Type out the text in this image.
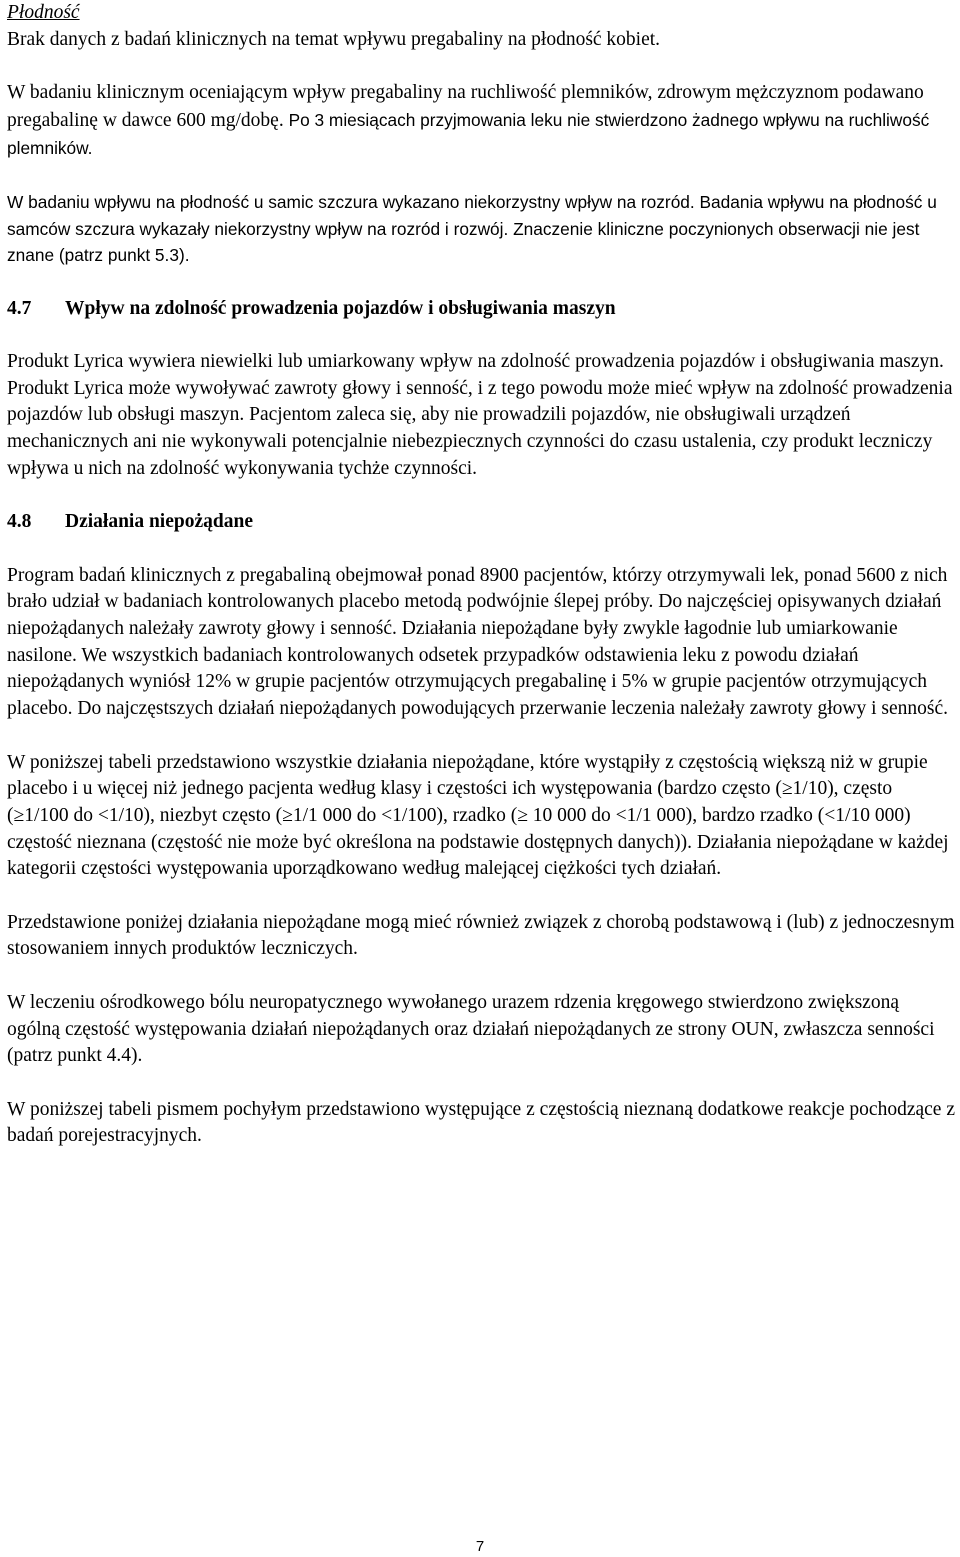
Płodność

Brak danych z badań klinicznych na temat wpływu pregabaliny na płodność kobiet.

W badaniu klinicznym oceniającym wpływ pregabaliny na ruchliwość plemników, zdrowym mężczyznom podawano pregabalinę w dawce 600 mg/dobę. Po 3 miesiącach przyjmowania leku nie stwierdzono żadnego wpływu na ruchliwość plemników.

W badaniu wpływu na płodność u samic szczura wykazano niekorzystny wpływ na rozród. Badania wpływu na płodność u samców szczura wykazały niekorzystny wpływ na rozród i rozwój. Znaczenie kliniczne poczynionych obserwacji nie jest znane (patrz punkt 5.3).

4.7	Wpływ na zdolność prowadzenia pojazdów i obsługiwania maszyn

Produkt Lyrica wywiera niewielki lub umiarkowany wpływ na zdolność prowadzenia pojazdów i obsługiwania maszyn. Produkt Lyrica może wywoływać zawroty głowy i senność, i z tego powodu może mieć wpływ na zdolność prowadzenia pojazdów lub obsługi maszyn. Pacjentom zaleca się, aby nie prowadzili pojazdów, nie obsługiwali urządzeń mechanicznych ani nie wykonywali potencjalnie niebezpiecznych czynności do czasu ustalenia, czy produkt leczniczy wpływa u nich na zdolność wykonywania tychże czynności.

4.8	Działania niepożądane

Program badań klinicznych z pregabaliną obejmował ponad 8900 pacjentów, którzy otrzymywali lek, ponad 5600 z nich brało udział w badaniach kontrolowanych placebo metodą podwójnie ślepej próby. Do najczęściej opisywanych działań niepożądanych należały zawroty głowy i senność. Działania niepożądane były zwykle łagodnie lub umiarkowanie nasilone. We wszystkich badaniach kontrolowanych odsetek przypadków odstawienia leku z powodu działań niepożądanych wyniósł 12% w grupie pacjentów otrzymujących pregabalinę i 5% w grupie pacjentów otrzymujących placebo. Do najczęstszych działań niepożądanych powodujących przerwanie leczenia należały zawroty głowy i senność.

W poniższej tabeli przedstawiono wszystkie działania niepożądane, które wystąpiły z częstością większą niż w grupie placebo i u więcej niż jednego pacjenta według klasy i częstości ich występowania (bardzo często (≥1/10), często (≥1/100 do <1/10), niezbyt często (≥1/1 000 do <1/100), rzadko (≥ 10 000 do <1/1 000), bardzo rzadko (<1/10 000) częstość nieznana (częstość nie może być określona na podstawie dostępnych danych)). Działania niepożądane w każdej kategorii częstości występowania uporządkowano według malejącej ciężkości tych działań.

Przedstawione poniżej działania niepożądane mogą mieć również związek z chorobą podstawową i (lub) z jednoczesnym stosowaniem innych produktów leczniczych.

W leczeniu ośrodkowego bólu neuropatycznego wywołanego urazem rdzenia kręgowego stwierdzono zwiększoną ogólną częstość występowania działań niepożądanych oraz działań niepożądanych ze strony OUN, zwłaszcza senności (patrz punkt 4.4).

W poniższej tabeli pismem pochyłym przedstawiono występujące z częstością nieznaną dodatkowe reakcje pochodzące z badań porejestracyjnych.

7
